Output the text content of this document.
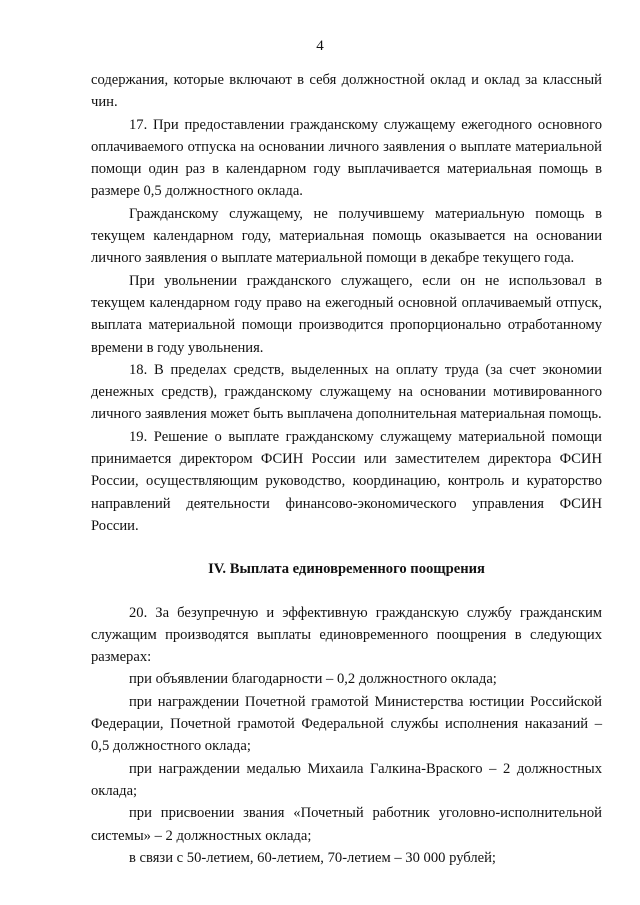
4

содержания, которые включают в себя должностной оклад и оклад за классный чин.

17. При предоставлении гражданскому служащему ежегодного основного оплачиваемого отпуска на основании личного заявления о выплате материальной помощи один раз в календарном году выплачивается материальная помощь в размере 0,5 должностного оклада.

Гражданскому служащему, не получившему материальную помощь в текущем календарном году, материальная помощь оказывается на основании личного заявления о выплате материальной помощи в декабре текущего года.

При увольнении гражданского служащего, если он не использовал в текущем календарном году право на ежегодный основной оплачиваемый отпуск, выплата материальной помощи производится пропорционально отработанному времени в году увольнения.

18. В пределах средств, выделенных на оплату труда (за счет экономии денежных средств), гражданскому служащему на основании мотивированного личного заявления может быть выплачена дополнительная материальная помощь.

19. Решение о выплате гражданскому служащему материальной помощи принимается директором ФСИН России или заместителем директора ФСИН России, осуществляющим руководство, координацию, контроль и кураторство направлений деятельности финансово-экономического управления ФСИН России.

IV. Выплата единовременного поощрения

20. За безупречную и эффективную гражданскую службу гражданским служащим производятся выплаты единовременного поощрения в следующих размерах:

при объявлении благодарности – 0,2 должностного оклада;

при награждении Почетной грамотой Министерства юстиции Российской Федерации, Почетной грамотой Федеральной службы исполнения наказаний – 0,5 должностного оклада;

при награждении медалью Михаила Галкина-Враского – 2 должностных оклада;

при присвоении звания «Почетный работник уголовно-исполнительной системы» – 2 должностных оклада;

в связи с 50-летием, 60-летием, 70-летием – 30 000 рублей;
